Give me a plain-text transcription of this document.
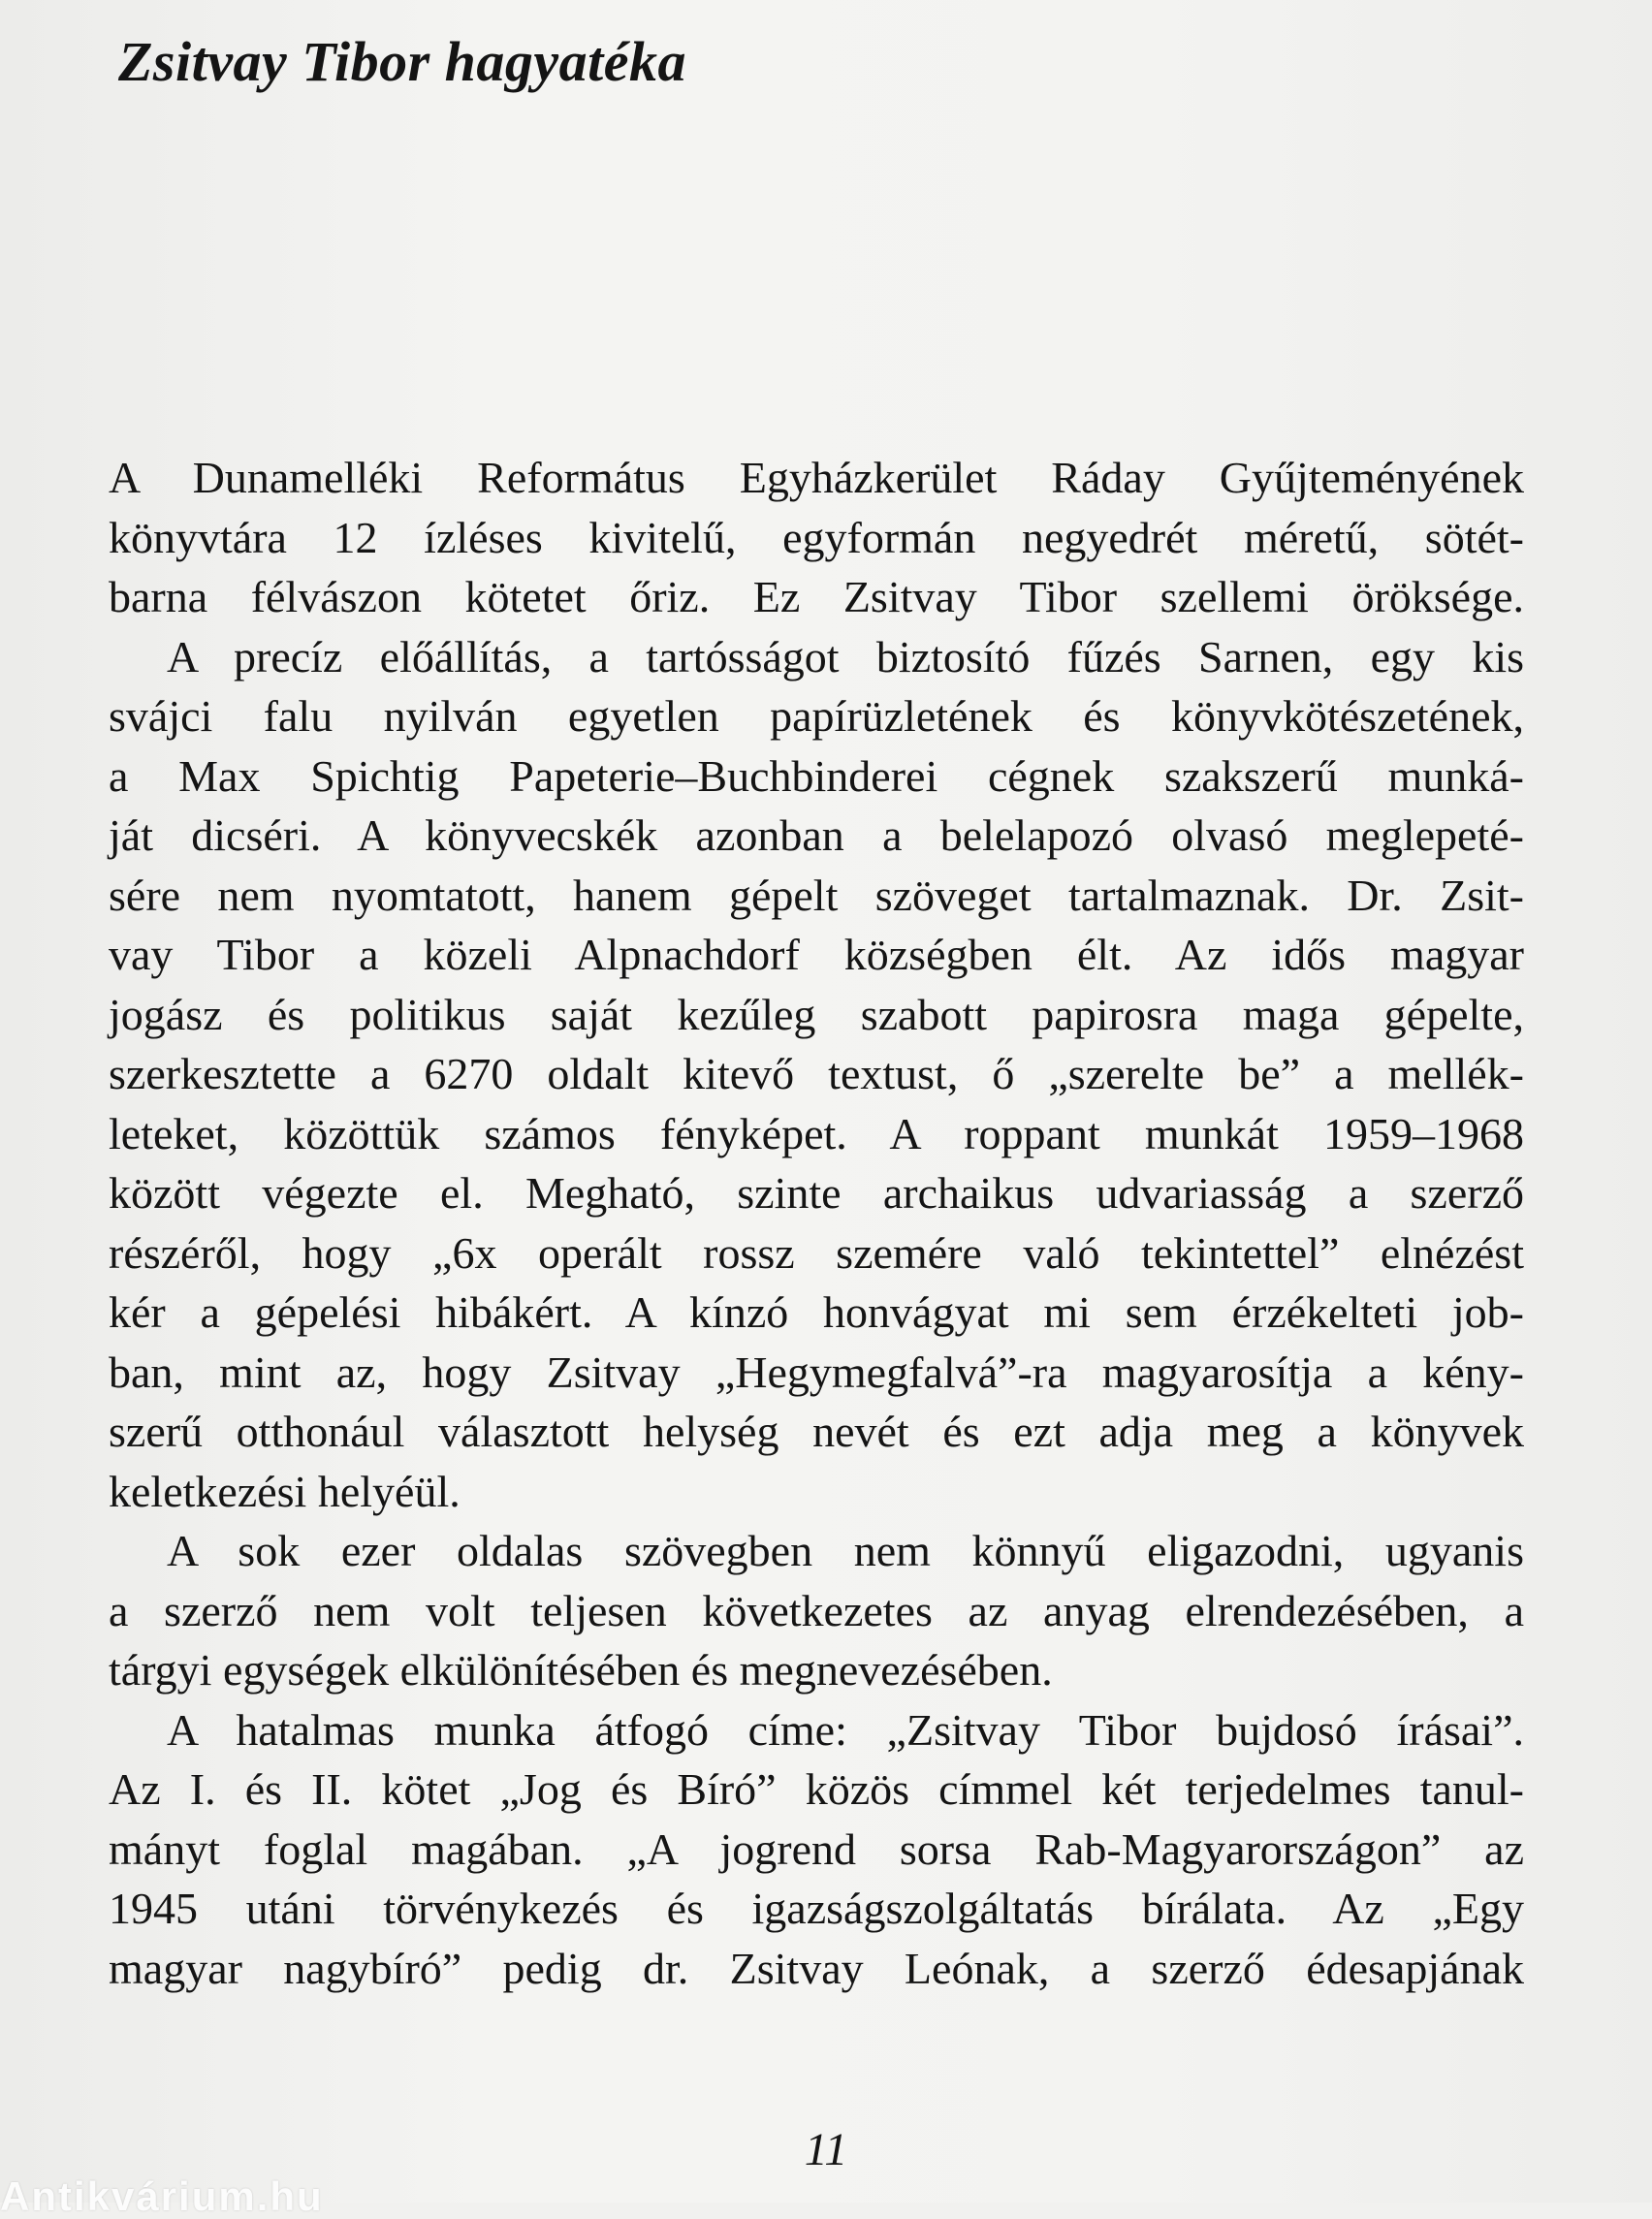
Zsitvay Tibor hagyatéka
A Dunamelléki Református Egyházkerület Ráday Gyűjteményének
könyvtára 12 ízléses kivitelű, egyformán negyedrét méretű, sötét-
barna félvászon kötetet őriz. Ez Zsitvay Tibor szellemi öröksége.
A precíz előállítás, a tartósságot biztosító fűzés Sarnen, egy kis
svájci falu nyilván egyetlen papírüzletének és könyvkötészetének,
a Max Spichtig Papeterie–Buchbinderei cégnek szakszerű munká-
ját dicséri. A könyvecskék azonban a belelapozó olvasó meglepeté-
sére nem nyomtatott, hanem gépelt szöveget tartalmaznak. Dr. Zsit-
vay Tibor a közeli Alpnachdorf községben élt. Az idős magyar
jogász és politikus saját kezűleg szabott papirosra maga gépelte,
szerkesztette a 6270 oldalt kitevő textust, ő „szerelte be” a mellék-
leteket, közöttük számos fényképet. A roppant munkát 1959–1968
között végezte el. Megható, szinte archaikus udvariasság a szerző
részéről, hogy „6x operált rossz szemére való tekintettel” elnézést
kér a gépelési hibákért. A kínzó honvágyat mi sem érzékelteti job-
ban, mint az, hogy Zsitvay „Hegymegfalvá”-ra magyarosítja a kény-
szerű otthonául választott helység nevét és ezt adja meg a könyvek
keletkezési helyéül.
A sok ezer oldalas szövegben nem könnyű eligazodni, ugyanis
a szerző nem volt teljesen következetes az anyag elrendezésében, a
tárgyi egységek elkülönítésében és megnevezésében.
A hatalmas munka átfogó címe: „Zsitvay Tibor bujdosó írásai”.
Az I. és II. kötet „Jog és Bíró” közös címmel két terjedelmes tanul-
mányt foglal magában. „A jogrend sorsa Rab-Magyarországon” az
1945 utáni törvénykezés és igazságszolgáltatás bírálata. Az „Egy
magyar nagybíró” pedig dr. Zsitvay Leónak, a szerző édesapjának
11
Antikvárium.hu
